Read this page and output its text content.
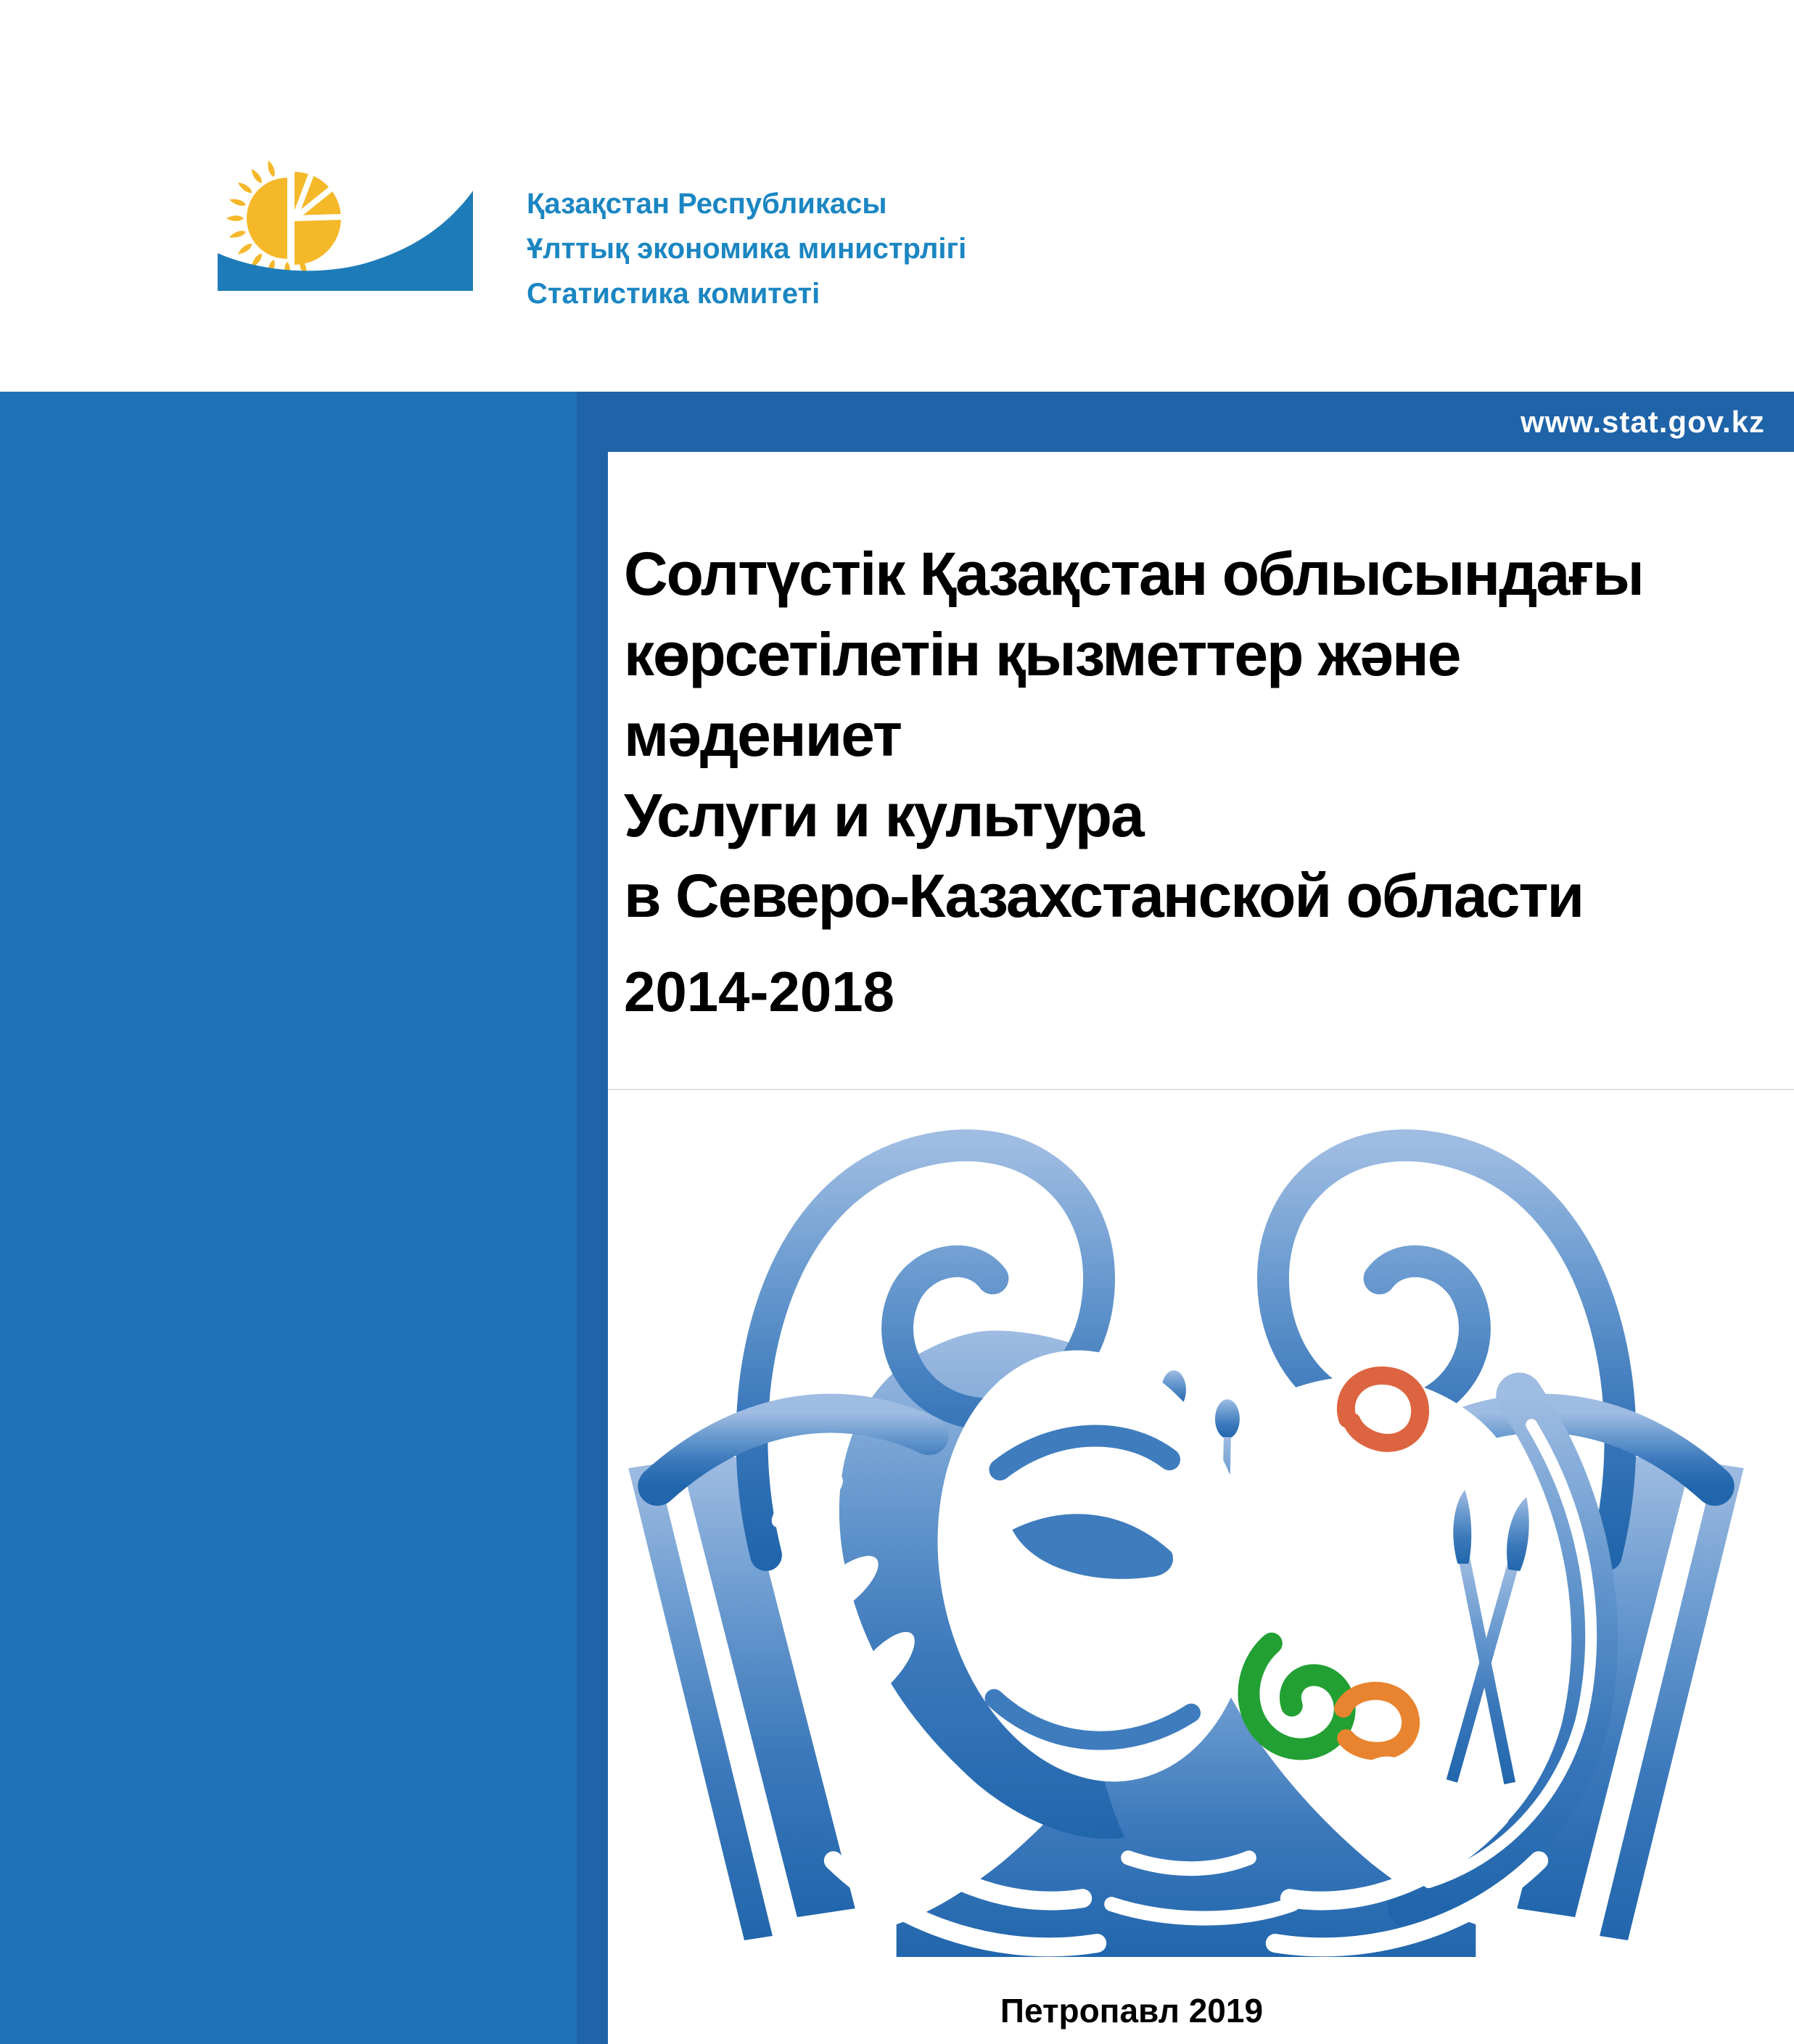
Қазақстан Республикасы
Ұлттық экономика министрлігі
Статистика комитеті
www.stat.gov.kz
Солтүстік Қазақстан облысындағы
көрсетілетін қызметтер және
мәдениет
Услуги и культура
в Северо-Казахстанской области
2014-2018
Петропавл 2019
